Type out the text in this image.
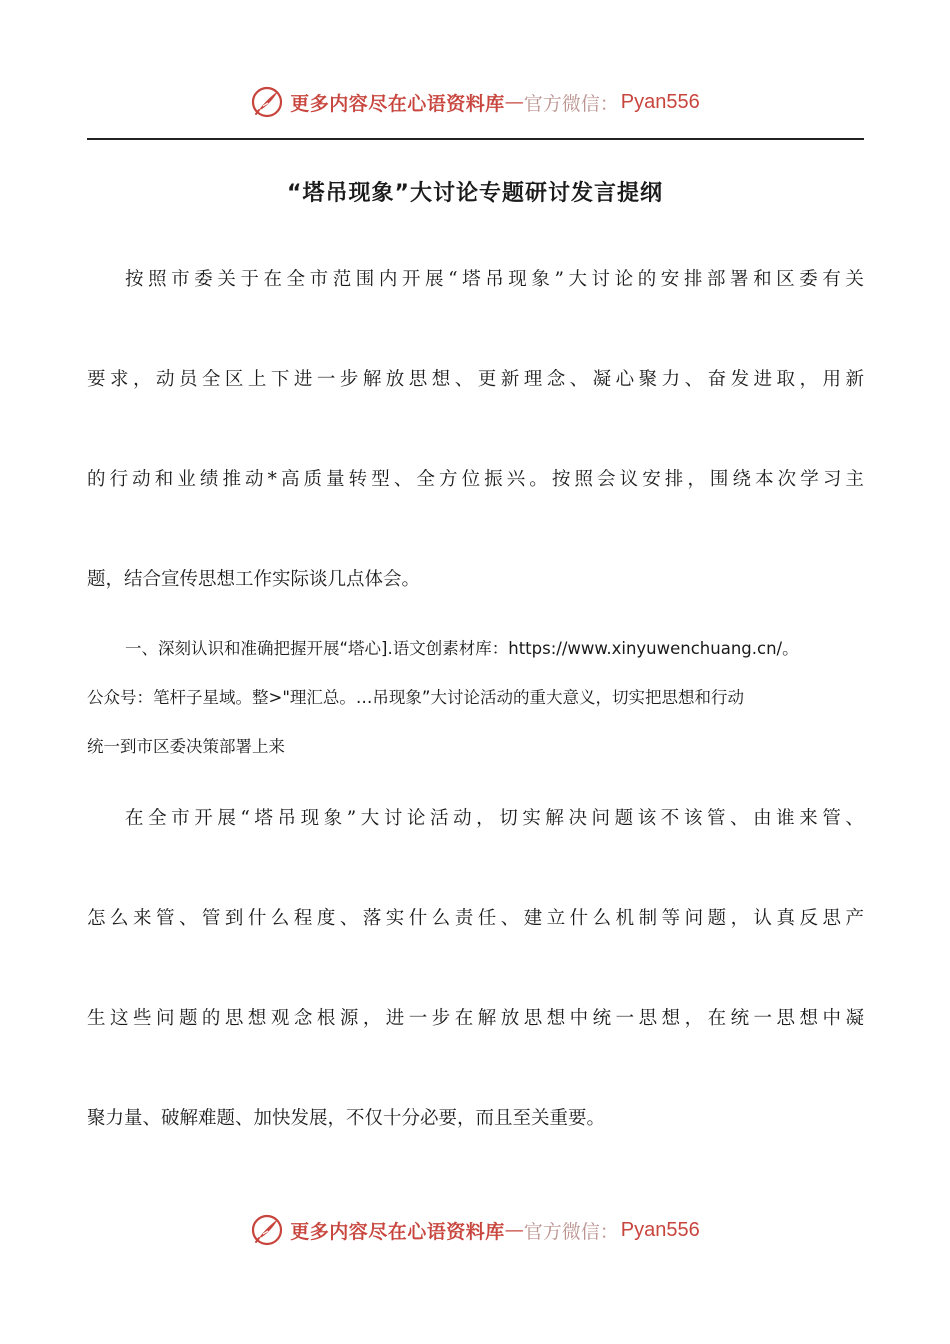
更多内容尽在心语资料库 — 官方微信： Pyan556
“塔吊现象”大讨论专题研讨发言提纲
按 照 市 委 关 于 在 全 市 范 围 内 开 展 “ 塔 吊 现 象 ” 大 讨 论 的 安 排 部 署 和 区 委 有 关
要 求 ， 动 员 全 区 上 下 进 一 步 解 放 思 想 、 更 新 理 念 、 凝 心 聚 力 、 奋 发 进 取 ， 用 新
的 行 动 和 业 绩 推 动 * 高 质 量 转 型 、 全 方 位 振 兴 。 按 照 会 议 安 排 ， 围 绕 本 次 学 习 主
题，结合宣传思想工作实际谈几点体会。
一、深刻认识和准确把握开展“塔心].语文创素材库：https://www.xinyuwenchuang.cn/。
公众号：笔杆子星域。整>"理汇总。…吊现象”大讨论活动的重大意义，切实把思想和行动
统一到市区委决策部署上来
在 全 市 开 展 “ 塔 吊 现 象 ” 大 讨 论 活 动 ， 切 实 解 决 问 题 该 不 该 管 、 由 谁 来 管 、
怎 么 来 管 、 管 到 什 么 程 度 、 落 实 什 么 责 任 、 建 立 什 么 机 制 等 问 题 ， 认 真 反 思 产
生 这 些 问 题 的 思 想 观 念 根 源 ， 进 一 步 在 解 放 思 想 中 统 一 思 想 ， 在 统 一 思 想 中 凝
聚力量、破解难题、加快发展，不仅十分必要，而且至关重要。
更多内容尽在心语资料库 — 官方微信： Pyan556
